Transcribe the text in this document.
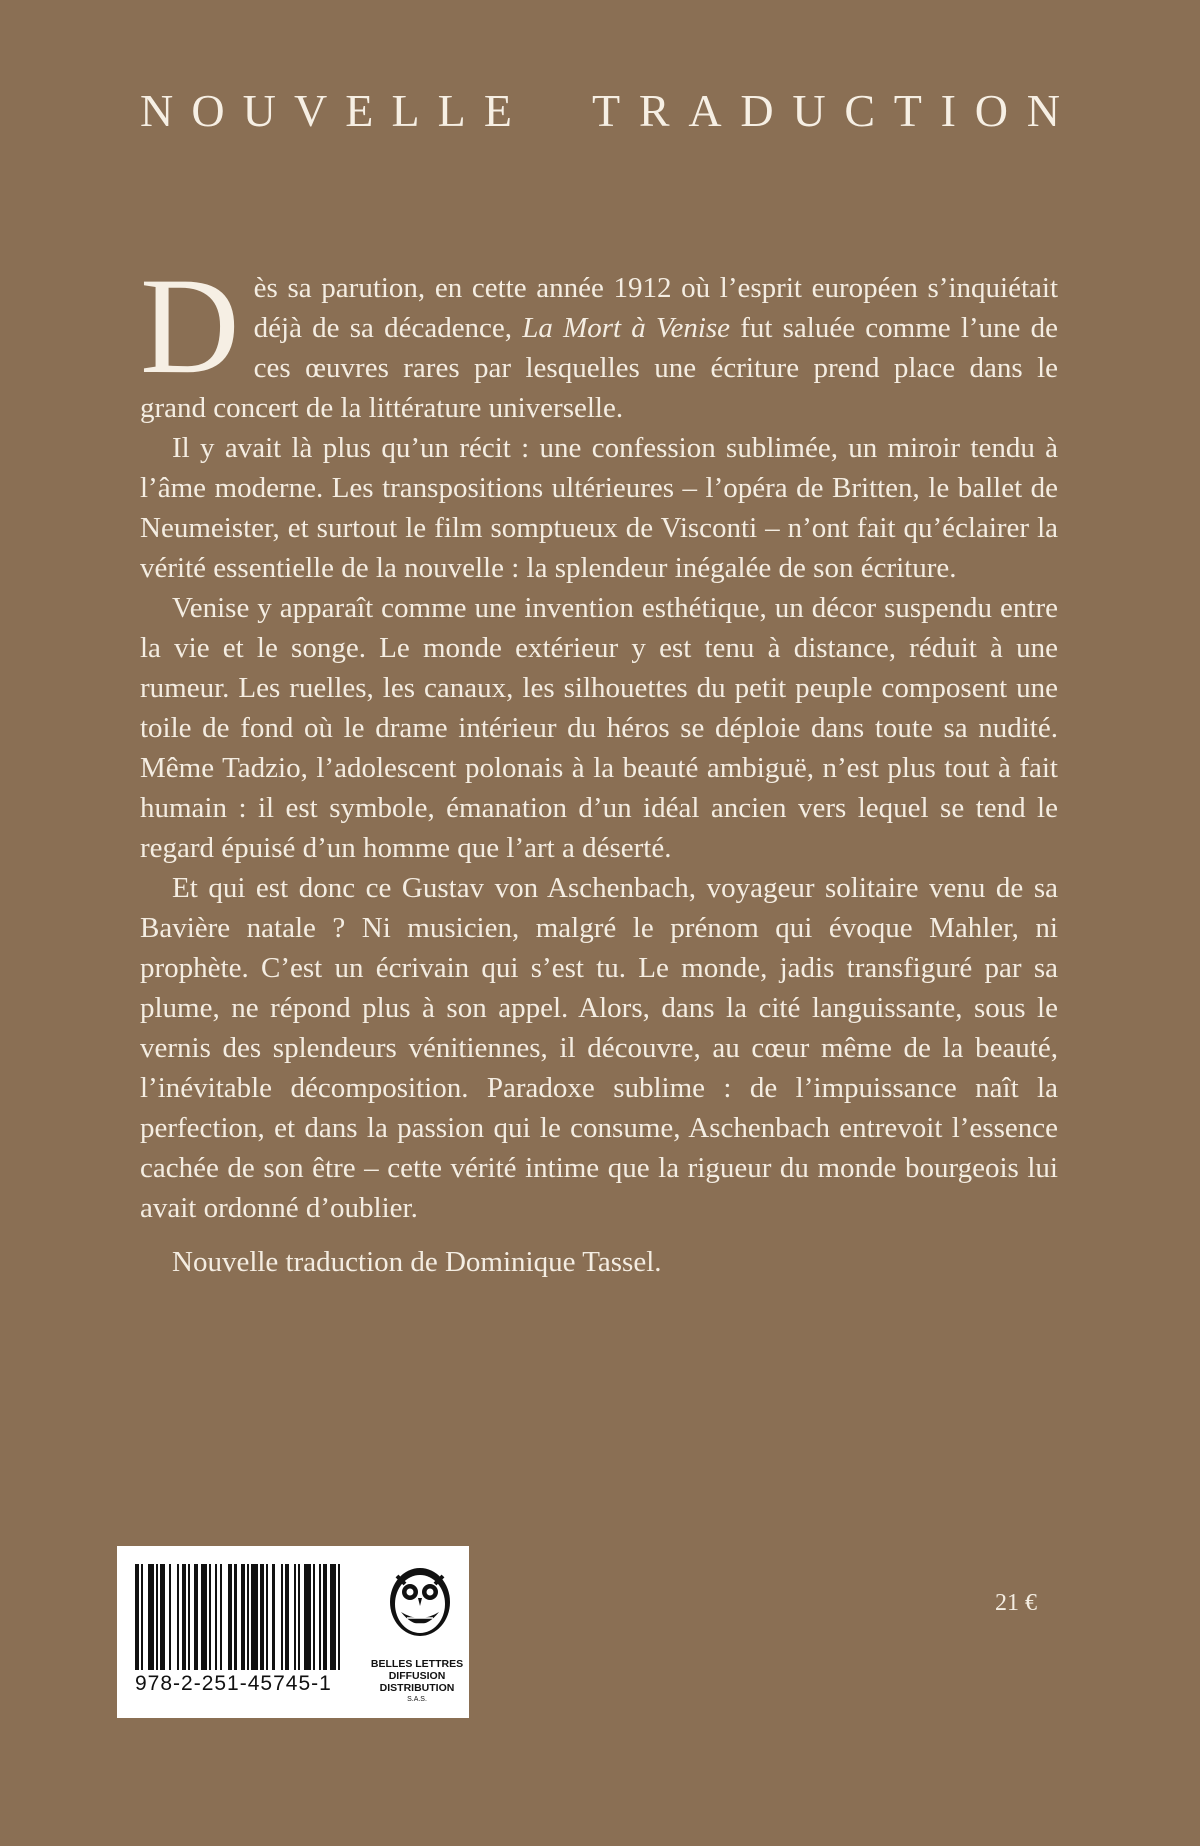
N O U V E L L E T R A D U C T I O N

Dès sa parution, en cette année 1912 où l’esprit européen s’inquiétait déjà de sa décadence, La Mort à Venise fut saluée comme l’une de ces œuvres rares par lesquelles une écriture prend place dans le grand concert de la littérature universelle.

Il y avait là plus qu’un récit : une confession sublimée, un miroir tendu à l’âme moderne. Les transpositions ultérieures – l’opéra de Britten, le ballet de Neumeister, et surtout le film somptueux de Visconti – n’ont fait qu’éclairer la vérité essentielle de la nouvelle : la splendeur inégalée de son écriture.

Venise y apparaît comme une invention esthétique, un décor suspendu entre la vie et le songe. Le monde extérieur y est tenu à distance, réduit à une rumeur. Les ruelles, les canaux, les silhouettes du petit peuple composent une toile de fond où le drame intérieur du héros se déploie dans toute sa nudité. Même Tadzio, l’adolescent polonais à la beauté ambiguë, n’est plus tout à fait humain : il est symbole, émanation d’un idéal ancien vers lequel se tend le regard épuisé d’un homme que l’art a déserté.

Et qui est donc ce Gustav von Aschenbach, voyageur solitaire venu de sa Bavière natale ? Ni musicien, malgré le prénom qui évoque Mahler, ni prophète. C’est un écrivain qui s’est tu. Le monde, jadis transfiguré par sa plume, ne répond plus à son appel. Alors, dans la cité languissante, sous le vernis des splendeurs vénitiennes, il découvre, au cœur même de la beauté, l’inévitable décomposition. Paradoxe sublime : de l’impuissance naît la perfection, et dans la passion qui le consume, Aschenbach entrevoit l’essence cachée de son être – cette vérité intime que la rigueur du monde bourgeois lui avait ordonné d’oublier.

Nouvelle traduction de Dominique Tassel.

978-2-251-45745-1
BELLES LETTRES
DIFFUSION
DISTRIBUTION
S.A.S.
21 €
